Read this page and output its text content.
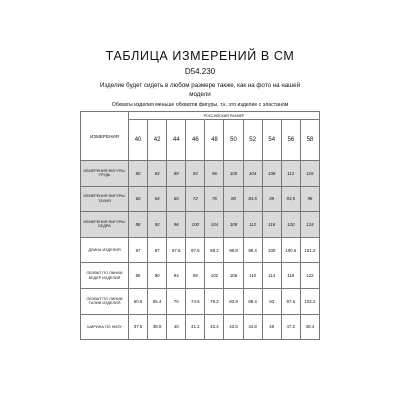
ТАБЛИЦА ИЗМЕРЕНИЙ В СМ
D54.230
Изделие будет сидеть в любом размере также, как на фото на нашей модели
Обхваты изделия меньше обхватов фигуры, т.к. это изделие с эластаном
ИЗМЕРЕНИЯ	РОССИЙСКИЙ РАЗМЕР									
	40	42	44	46	48	50	52	54	56	58
ИЗМЕРЕНИЯ ФИГУРЫ: ГРУДЬ	80	84	88	92	96	100	104	108	112	116
ИЗМЕРЕНИЯ ФИГУРЫ: ТАЛИЯ	60	64	68	72	76	80	84,5	89	93,5	98
ИЗМЕРЕНИЯ ФИГУРЫ: БЕДРА	88	92	96	100	104	108	112	116	120	124
ДЛИНА ИЗДЕЛИЯ	97	97	97.6	97.6	98.2	98.8	99.4	100	100.6	101.2
ОБХВАТ ПО ЛИНИИ БЕДЕР ИЗДЕЛИЯ	86	90	94	98	102	106	110	114	118	122
ОБХВАТ ПО ЛИНИИ ТАЛИИ ИЗДЕЛИЯ	60.8	65.4	70	74.6	79.2	83.8	88.4	93	97.6	102.2
ШИРИНА ПО НИЗУ	37.6	38.8	40	41.2	42.4	43.6	44.8	46	47.2	48.4
